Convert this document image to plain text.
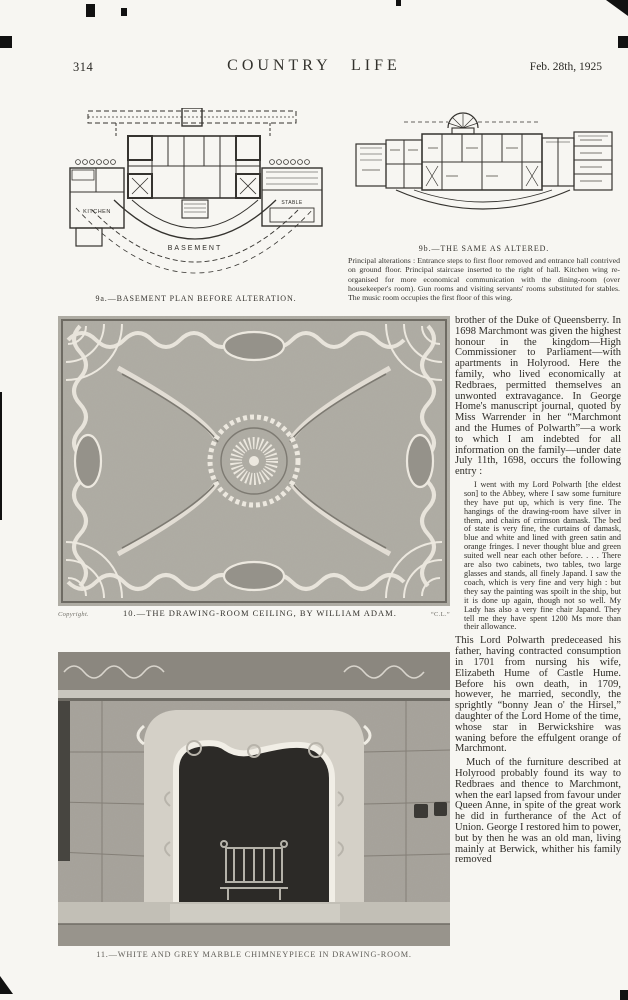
314	COUNTRY LIFE	Feb. 28th, 1925
KITCHEN
STABLE
BASEMENT
9a.—BASEMENT PLAN BEFORE ALTERATION.
9b.—THE SAME AS ALTERED.
Principal alterations : Entrance steps to first floor removed and entrance hall contrived on ground floor. Principal staircase inserted to the right of hall. Kitchen wing re-organised for more economical communication with the dining-room (over housekeeper's room). Gun rooms and visiting servants' rooms substituted for stables. The music room occupies the first floor of this wing.
Copyright.	10.—THE DRAWING-ROOM CEILING, BY WILLIAM ADAM.	“C.L.”
11.—WHITE AND GREY MARBLE CHIMNEYPIECE IN DRAWING-ROOM.

brother of the Duke of Queensberry. In 1698 Marchmont was given the highest honour in the kingdom—High Commissioner to Parliament—with apartments in Holyrood. Here the family, who lived economically at Redbraes, permitted themselves an unwonted extravagance. In George Home's manuscript journal, quoted by Miss Warrender in her “Marchmont and the Humes of Polwarth”—a work to which I am indebted for all information on the family—under date July 11th, 1698, occurs the following entry :

I went with my Lord Polwarth [the eldest son] to the Abbey, where I saw some furniture they have put up, which is very fine. The hangings of the drawing-room have silver in them, and chairs of crimson damask. The bed of state is very fine, the curtains of damask, blue and white and lined with green satin and orange fringes. I never thought blue and green suited well near each other before. . . . There are also two cabinets, two tables, two large glasses and stands, all finely Japand. I saw the coach, which is very fine and very high : but they say the painting was spoilt in the ship, but it is done up again, though not so well. My Lady has also a very fine chair Japand. They tell me they have spent 1200 Ms more than their allowance.

This Lord Polwarth predeceased his father, having contracted consumption in 1701 from nursing his wife, Elizabeth Hume of Castle Hume. Before his own death, in 1709, however, he married, secondly, the sprightly “bonny Jean o' the Hirsel,” daughter of the Lord Home of the time, whose star in Berwickshire was waning before the effulgent orange of Marchmont.

Much of the furniture described at Holyrood probably found its way to Redbraes and thence to Marchmont, when the earl lapsed from favour under Queen Anne, in spite of the great work he did in furtherance of the Act of Union. George I restored him to power, but by then he was an old man, living mainly at Berwick, whither his family removed
